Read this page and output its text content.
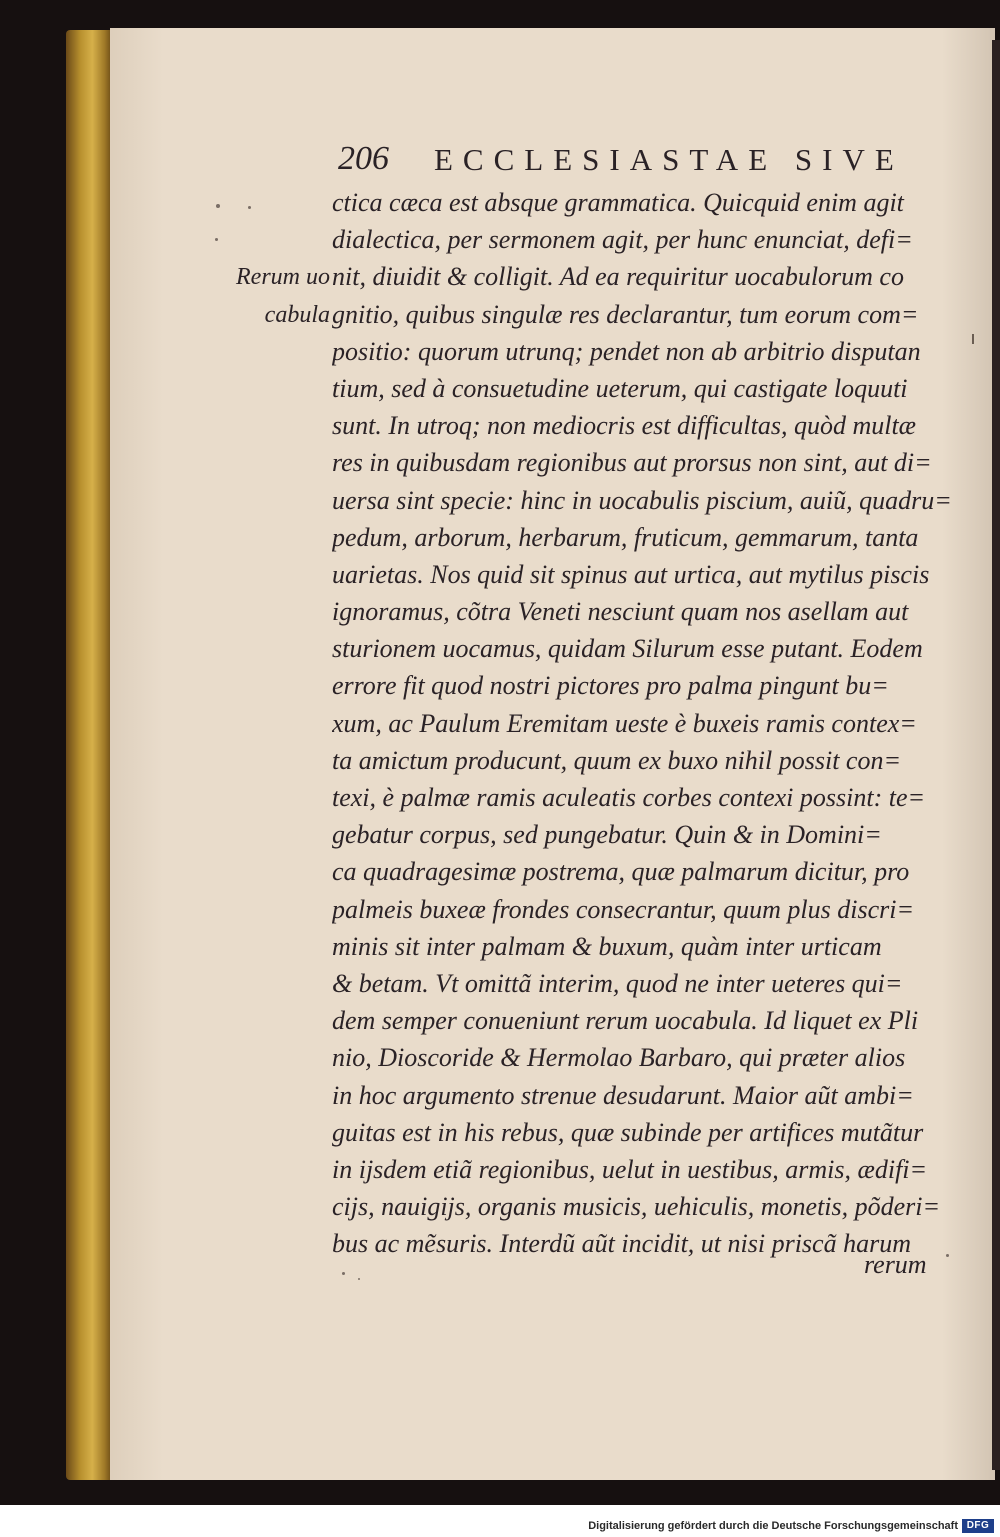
206 ECCLESIASTAE SIVE
Rerum uo
cabula
ctica cæca est absque grammatica. Quicquid enim agit
dialectica, per sermonem agit, per hunc enunciat, defi=
nit, diuidit & colligit. Ad ea requiritur uocabulorum co
gnitio, quibus singulæ res declarantur, tum eorum com=
positio: quorum utrunq; pendet non ab arbitrio disputan
tium, sed à consuetudine ueterum, qui castigate loquuti
sunt. In utroq; non mediocris est difficultas, quòd multæ
res in quibusdam regionibus aut prorsus non sint, aut di=
uersa sint specie: hinc in uocabulis piscium, auiũ, quadru=
pedum, arborum, herbarum, fruticum, gemmarum, tanta
uarietas. Nos quid sit spinus aut urtica, aut mytilus piscis
ignoramus, cõtra Veneti nesciunt quam nos asellam aut
sturionem uocamus, quidam Silurum esse putant. Eodem
errore fit quod nostri pictores pro palma pingunt bu=
xum, ac Paulum Eremitam ueste è buxeis ramis contex=
ta amictum producunt, quum ex buxo nihil possit con=
texi, è palmæ ramis aculeatis corbes contexi possint: te=
gebatur corpus, sed pungebatur. Quin & in Domini=
ca quadragesimæ postrema, quæ palmarum dicitur, pro
palmeis buxeæ frondes consecrantur, quum plus discri=
minis sit inter palmam & buxum, quàm inter urticam
& betam. Vt omittã interim, quod ne inter ueteres qui=
dem semper conueniunt rerum uocabula. Id liquet ex Pli
nio, Dioscoride & Hermolao Barbaro, qui præter alios
in hoc argumento strenue desudarunt. Maior aũt ambi=
guitas est in his rebus, quæ subinde per artifices mutãtur
in ijsdem etiã regionibus, uelut in uestibus, armis, ædifi=
cijs, nauigijs, organis musicis, uehiculis, monetis, põderi=
bus ac mẽsuris. Interdũ aũt incidit, ut nisi priscã harum
rerum
Digitalisierung gefördert durch die Deutsche Forschungsgemeinschaft DFG
